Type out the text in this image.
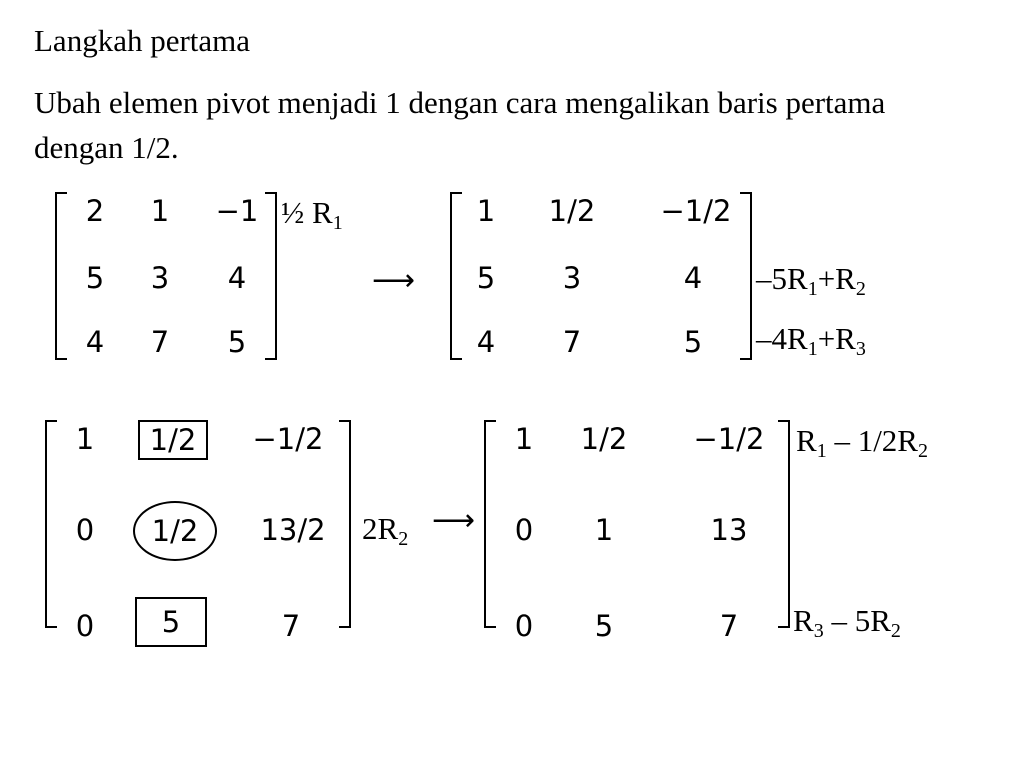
Langkah pertama
Ubah elemen pivot menjadi 1 dengan cara mengalikan baris pertama dengan 1/2.
2	1	−1
5	3	4
4	7	5
½ $R_1$
⟶
1	1/2	−1/2
5	3	4
4	7	5
$-5R_1+R_2$
$-4R_1+R_3$
1	1/2	−1/2
0	1/2	13/2
0	5	7
$2R_2$
⟶
1	1/2	−1/2
0	1	13
0	5	7
$R_1 - 1/2R_2$
$R_3 - 5R_2$
